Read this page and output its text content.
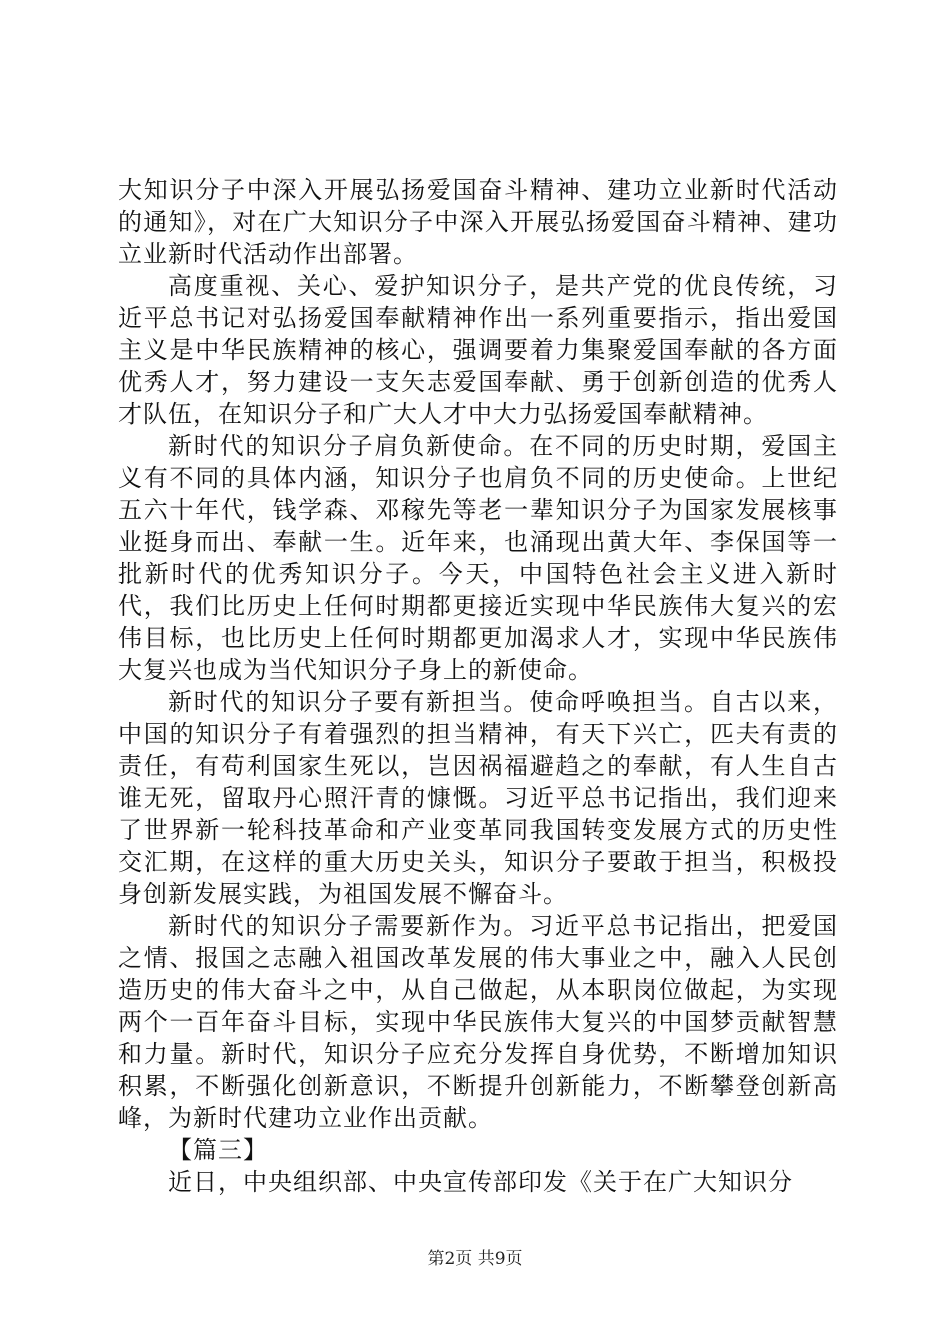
大知识分子中深入开展弘扬爱国奋斗精神、建功立业新时代活动的通知》，对在广大知识分子中深入开展弘扬爱国奋斗精神、建功立业新时代活动作出部署。

高度重视、关心、爱护知识分子，是共产党的优良传统，习近平总书记对弘扬爱国奉献精神作出一系列重要指示，指出爱国主义是中华民族精神的核心，强调要着力集聚爱国奉献的各方面优秀人才，努力建设一支矢志爱国奉献、勇于创新创造的优秀人才队伍，在知识分子和广大人才中大力弘扬爱国奉献精神。

新时代的知识分子肩负新使命。在不同的历史时期，爱国主义有不同的具体内涵，知识分子也肩负不同的历史使命。上世纪五六十年代，钱学森、邓稼先等老一辈知识分子为国家发展核事业挺身而出、奉献一生。近年来，也涌现出黄大年、李保国等一批新时代的优秀知识分子。今天，中国特色社会主义进入新时代，我们比历史上任何时期都更接近实现中华民族伟大复兴的宏伟目标，也比历史上任何时期都更加渴求人才，实现中华民族伟大复兴也成为当代知识分子身上的新使命。

新时代的知识分子要有新担当。使命呼唤担当。自古以来，中国的知识分子有着强烈的担当精神，有天下兴亡，匹夫有责的责任，有苟利国家生死以，岂因祸福避趋之的奉献，有人生自古谁无死，留取丹心照汗青的慷慨。习近平总书记指出，我们迎来了世界新一轮科技革命和产业变革同我国转变发展方式的历史性交汇期，在这样的重大历史关头，知识分子要敢于担当，积极投身创新发展实践，为祖国发展不懈奋斗。

新时代的知识分子需要新作为。习近平总书记指出，把爱国之情、报国之志融入祖国改革发展的伟大事业之中，融入人民创造历史的伟大奋斗之中，从自己做起，从本职岗位做起，为实现两个一百年奋斗目标，实现中华民族伟大复兴的中国梦贡献智慧和力量。新时代，知识分子应充分发挥自身优势，不断增加知识积累，不断强化创新意识，不断提升创新能力，不断攀登创新高峰，为新时代建功立业作出贡献。

【篇三】

近日，中央组织部、中央宣传部印发《关于在广大知识分

第2页 共9页
